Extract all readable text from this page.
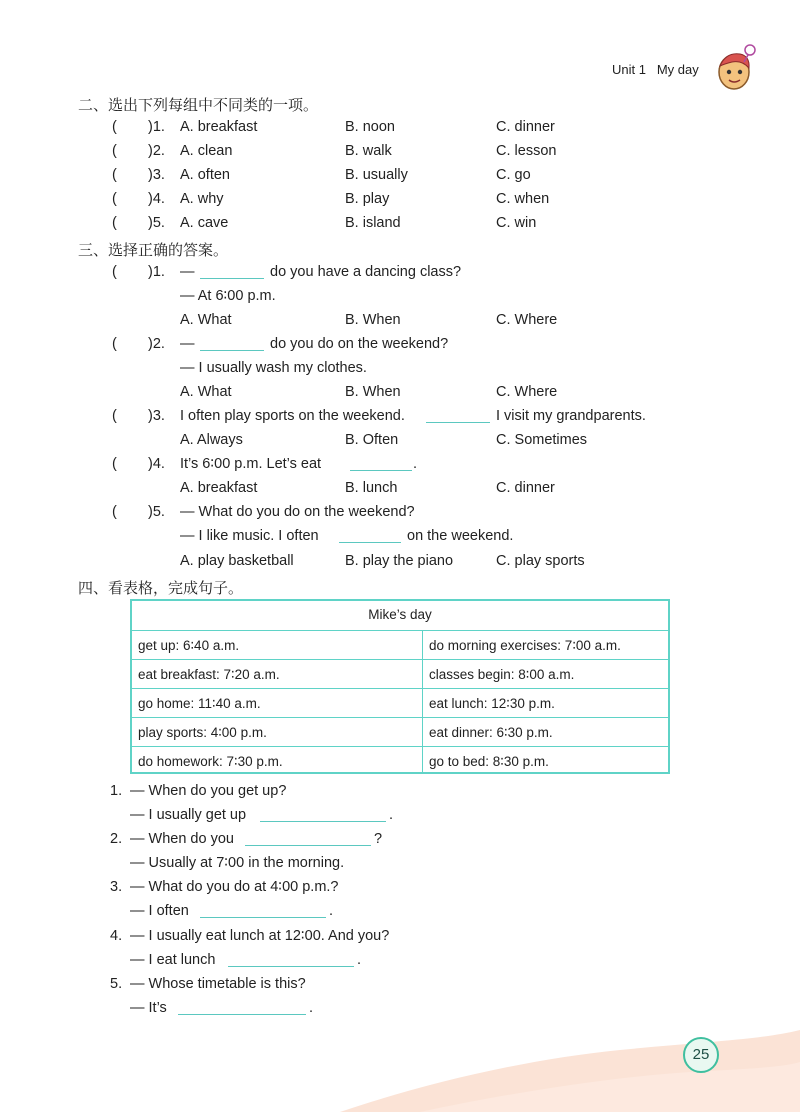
Unit 1 My day
二、选出下列每组中不同类的一项。
( )1. A. breakfast	B. noon	C. dinner
( )2. A. clean	B. walk	C. lesson
( )3. A. often	B. usually	C. go
( )4. A. why	B. play	C. when
( )5. A. cave	B. island	C. win
三、选择正确的答案。
( )1. —	do you have a dancing class?
— At 6∶00 p.m.
A. What	B. When	C. Where
( )2. —	do you do on the weekend?
— I usually wash my clothes.
A. What	B. When	C. Where
( )3. I often play sports on the weekend.	I visit my grandparents.
A. Always	B. Often	C. Sometimes
( )4. It’s 6∶00 p.m. Let’s eat	.
A. breakfast	B. lunch	C. dinner
( )5. — What do you do on the weekend?
— I like music. I often	on the weekend.
A. play basketball	B. play the piano	C. play sports
四、看表格，完成句子。
Mike’s day
get up: 6∶40 a.m.	do morning exercises: 7∶00 a.m.
eat breakfast: 7∶20 a.m.	classes begin: 8∶00 a.m.
go home: 11∶40 a.m.	eat lunch: 12∶30 p.m.
play sports: 4∶00 p.m.	eat dinner: 6∶30 p.m.
do homework: 7∶30 p.m.	go to bed: 8∶30 p.m.
1. — When do you get up?
— I usually get up	.
2. — When do you	?
— Usually at 7∶00 in the morning.
3. — What do you do at 4∶00 p.m.?
— I often	.
4. — I usually eat lunch at 12∶00. And you?
— I eat lunch	.
5. — Whose timetable is this?
— It’s	.
25
